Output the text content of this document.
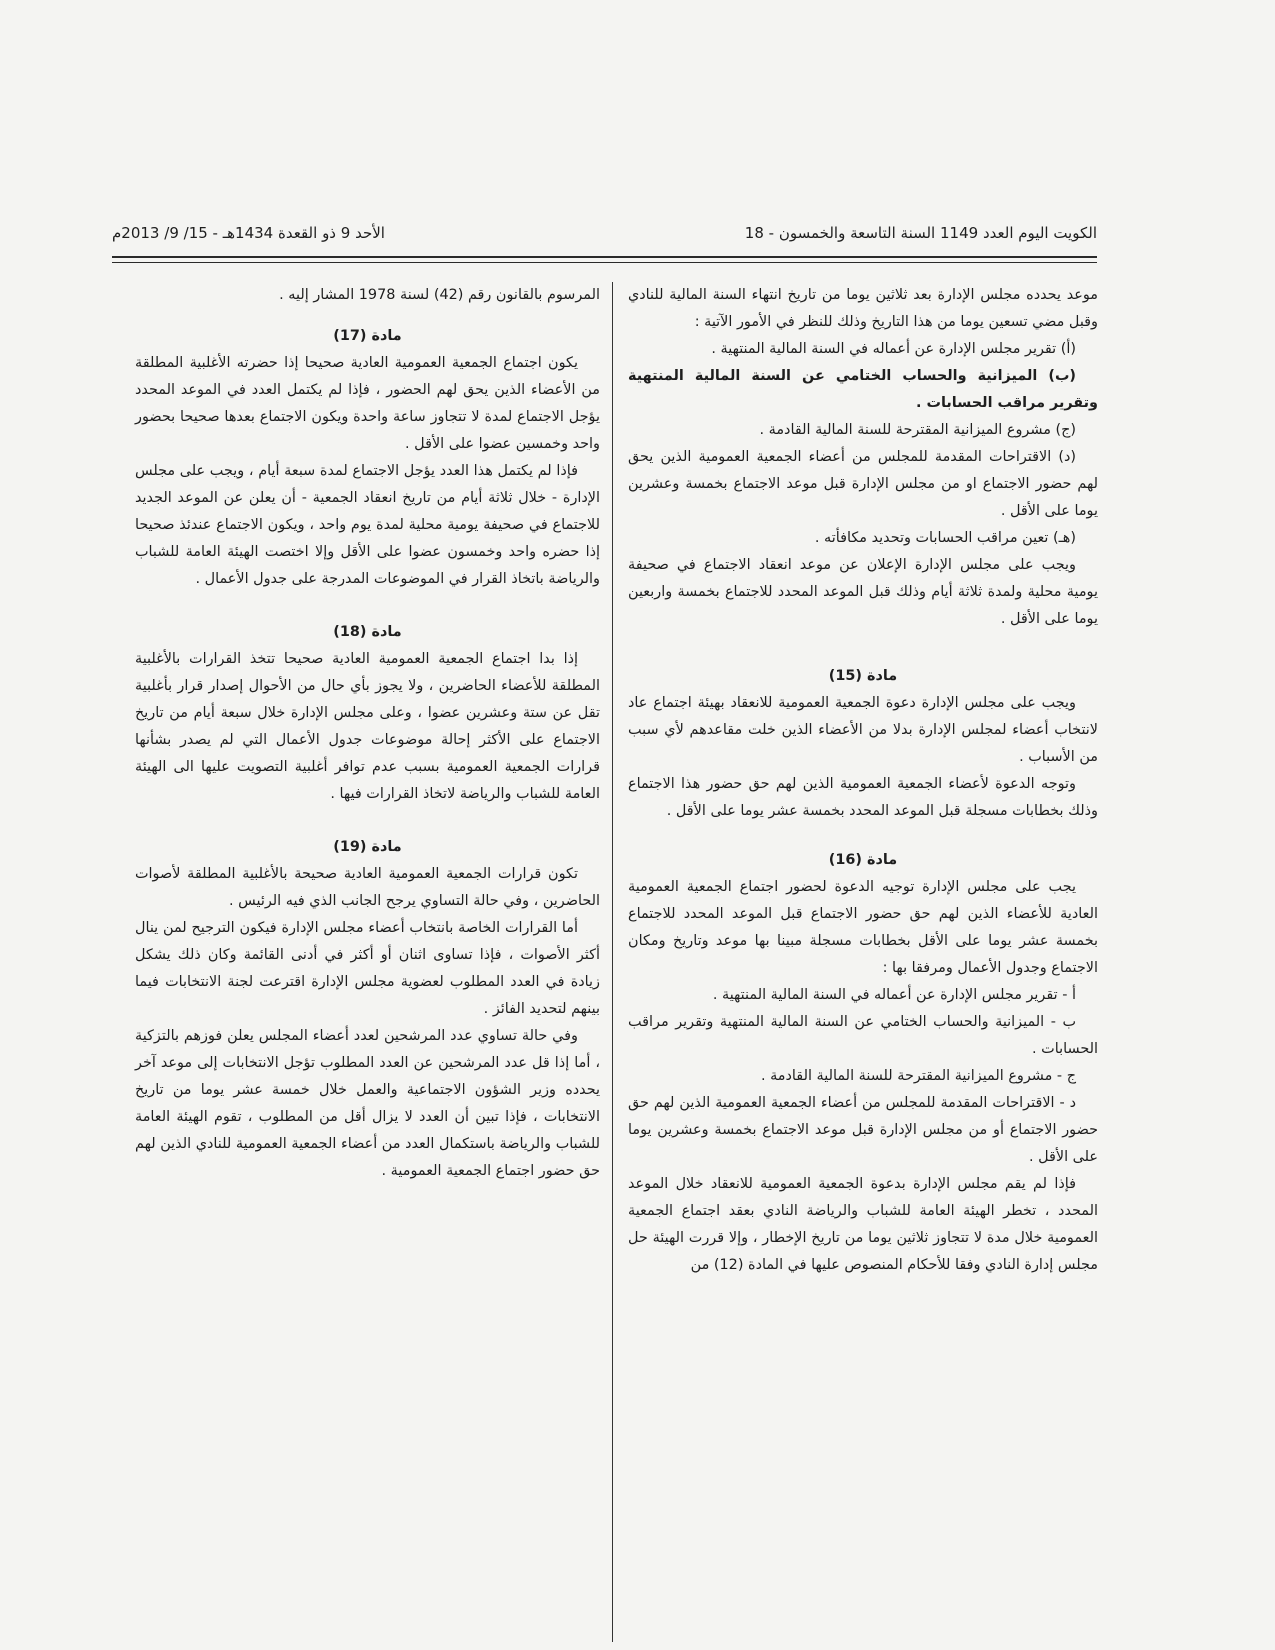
الكويت اليوم العدد 1149 السنة التاسعة والخمسون - 18
الأحد 9 ذو القعدة 1434هـ - 15/ 9/ 2013م

موعد يحدده مجلس الإدارة بعد ثلاثين يوما من تاريخ انتهاء السنة المالية للنادي وقبل مضي تسعين يوما من هذا التاريخ وذلك للنظر في الأمور الآتية :

(أ) تقرير مجلس الإدارة عن أعماله في السنة المالية المنتهية .

(ب) الميزانية والحساب الختامي عن السنة المالية المنتهية وتقرير مراقب الحسابات .

(ج) مشروع الميزانية المقترحة للسنة المالية القادمة .

(د) الاقتراحات المقدمة للمجلس من أعضاء الجمعية العمومية الذين يحق لهم حضور الاجتماع او من مجلس الإدارة قبل موعد الاجتماع بخمسة وعشرين يوما على الأقل .

(هـ) تعين مراقب الحسابات وتحديد مكافأته .

ويجب على مجلس الإدارة الإعلان عن موعد انعقاد الاجتماع في صحيفة يومية محلية ولمدة ثلاثة أيام وذلك قبل الموعد المحدد للاجتماع بخمسة واربعين يوما على الأقل .

مادة (15)

ويجب على مجلس الإدارة دعوة الجمعية العمومية للانعقاد بهيئة اجتماع عاد لانتخاب أعضاء لمجلس الإدارة بدلا من الأعضاء الذين خلت مقاعدهم لأي سبب من الأسباب .

وتوجه الدعوة لأعضاء الجمعية العمومية الذين لهم حق حضور هذا الاجتماع وذلك بخطابات مسجلة قبل الموعد المحدد بخمسة عشر يوما على الأقل .

مادة (16)

يجب على مجلس الإدارة توجيه الدعوة لحضور اجتماع الجمعية العمومية العادية للأعضاء الذين لهم حق حضور الاجتماع قبل الموعد المحدد للاجتماع بخمسة عشر يوما على الأقل بخطابات مسجلة مبينا بها موعد وتاريخ ومكان الاجتماع وجدول الأعمال ومرفقا بها :

أ - تقرير مجلس الإدارة عن أعماله في السنة المالية المنتهية .

ب - الميزانية والحساب الختامي عن السنة المالية المنتهية وتقرير مراقب الحسابات .

ج - مشروع الميزانية المقترحة للسنة المالية القادمة .

د - الاقتراحات المقدمة للمجلس من أعضاء الجمعية العمومية الذين لهم حق حضور الاجتماع أو من مجلس الإدارة قبل موعد الاجتماع بخمسة وعشرين يوما على الأقل .

فإذا لم يقم مجلس الإدارة بدعوة الجمعية العمومية للانعقاد خلال الموعد المحدد ، تخطر الهيئة العامة للشباب والرياضة النادي بعقد اجتماع الجمعية العمومية خلال مدة لا تتجاوز ثلاثين يوما من تاريخ الإخطار ، وإلا قررت الهيئة حل مجلس إدارة النادي وفقا للأحكام المنصوص عليها في المادة (12) من

المرسوم بالقانون رقم (42) لسنة 1978 المشار إليه .

مادة (17)

يكون اجتماع الجمعية العمومية العادية صحيحا إذا حضرته الأغلبية المطلقة من الأعضاء الذين يحق لهم الحضور ، فإذا لم يكتمل العدد في الموعد المحدد يؤجل الاجتماع لمدة لا تتجاوز ساعة واحدة ويكون الاجتماع بعدها صحيحا بحضور واحد وخمسين عضوا على الأقل .

فإذا لم يكتمل هذا العدد يؤجل الاجتماع لمدة سبعة أيام ، ويجب على مجلس الإدارة - خلال ثلاثة أيام من تاريخ انعقاد الجمعية - أن يعلن عن الموعد الجديد للاجتماع في صحيفة يومية محلية لمدة يوم واحد ، ويكون الاجتماع عندئذ صحيحا إذا حضره واحد وخمسون عضوا على الأقل وإلا اختصت الهيئة العامة للشباب والرياضة باتخاذ القرار في الموضوعات المدرجة على جدول الأعمال .

مادة (18)

إذا بدا اجتماع الجمعية العمومية العادية صحيحا تتخذ القرارات بالأغلبية المطلقة للأعضاء الحاضرين ، ولا يجوز بأي حال من الأحوال إصدار قرار بأغلبية تقل عن ستة وعشرين عضوا ، وعلى مجلس الإدارة خلال سبعة أيام من تاريخ الاجتماع على الأكثر إحالة موضوعات جدول الأعمال التي لم يصدر بشأنها قرارات الجمعية العمومية بسبب عدم توافر أغلبية التصويت عليها الى الهيئة العامة للشباب والرياضة لاتخاذ القرارات فيها .

مادة (19)

تكون قرارات الجمعية العمومية العادية صحيحة بالأغلبية المطلقة لأصوات الحاضرين ، وفي حالة التساوي يرجح الجانب الذي فيه الرئيس .

أما القرارات الخاصة بانتخاب أعضاء مجلس الإدارة فيكون الترجيح لمن ينال أكثر الأصوات ، فإذا تساوى اثنان أو أكثر في أدنى القائمة وكان ذلك يشكل زيادة في العدد المطلوب لعضوية مجلس الإدارة اقترعت لجنة الانتخابات فيما بينهم لتحديد الفائز .

وفي حالة تساوي عدد المرشحين لعدد أعضاء المجلس يعلن فوزهم بالتزكية ، أما إذا قل عدد المرشحين عن العدد المطلوب تؤجل الانتخابات إلى موعد آخر يحدده وزير الشؤون الاجتماعية والعمل خلال خمسة عشر يوما من تاريخ الانتخابات ، فإذا تبين أن العدد لا يزال أقل من المطلوب ، تقوم الهيئة العامة للشباب والرياضة باستكمال العدد من أعضاء الجمعية العمومية للنادي الذين لهم حق حضور اجتماع الجمعية العمومية .
